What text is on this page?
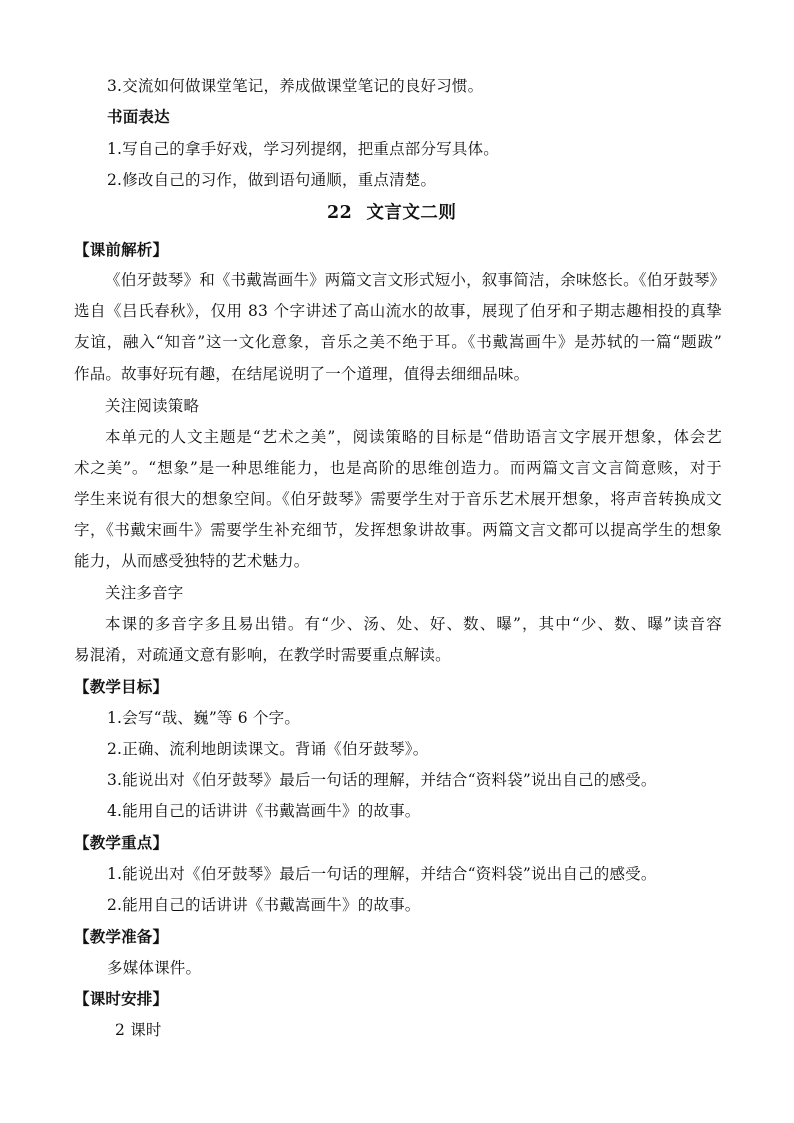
3.交流如何做课堂笔记，养成做课堂笔记的良好习惯。
书面表达
1.写自己的拿手好戏，学习列提纲，把重点部分写具体。
2.修改自己的习作，做到语句通顺，重点清楚。
22 文言文二则
【课前解析】
《伯牙鼓琴》和《书戴嵩画牛》两篇文言文形式短小，叙事简洁，余味悠长。《伯牙鼓琴》
选自《吕氏春秋》，仅用 83 个字讲述了高山流水的故事，展现了伯牙和子期志趣相投的真挚
友谊，融入“知音”这一文化意象，音乐之美不绝于耳。《书戴嵩画牛》是苏轼的一篇“题跋”
作品。故事好玩有趣，在结尾说明了一个道理，值得去细细品味。
关注阅读策略
本单元的人文主题是“艺术之美”，阅读策略的目标是“借助语言文字展开想象，体会艺
术之美”。“想象”是一种思维能力，也是高阶的思维创造力。而两篇文言文言简意赅，对于
学生来说有很大的想象空间。《伯牙鼓琴》需要学生对于音乐艺术展开想象，将声音转换成文
字，《书戴宋画牛》需要学生补充细节，发挥想象讲故事。两篇文言文都可以提高学生的想象
能力，从而感受独特的艺术魅力。
关注多音字
本课的多音字多且易出错。有“少、汤、处、好、数、曝”，其中“少、数、曝”读音容
易混淆，对疏通文意有影响，在教学时需要重点解读。
【教学目标】
1.会写“哉、巍”等 6 个字。
2.正确、流利地朗读课文。背诵《伯牙鼓琴》。
3.能说出对《伯牙鼓琴》最后一句话的理解，并结合“资料袋”说出自己的感受。
4.能用自己的话讲讲《书戴嵩画牛》的故事。
【教学重点】
1.能说出对《伯牙鼓琴》最后一句话的理解，并结合“资料袋”说出自己的感受。
2.能用自己的话讲讲《书戴嵩画牛》的故事。
【教学准备】
多媒体课件。
【课时安排】
2 课时
